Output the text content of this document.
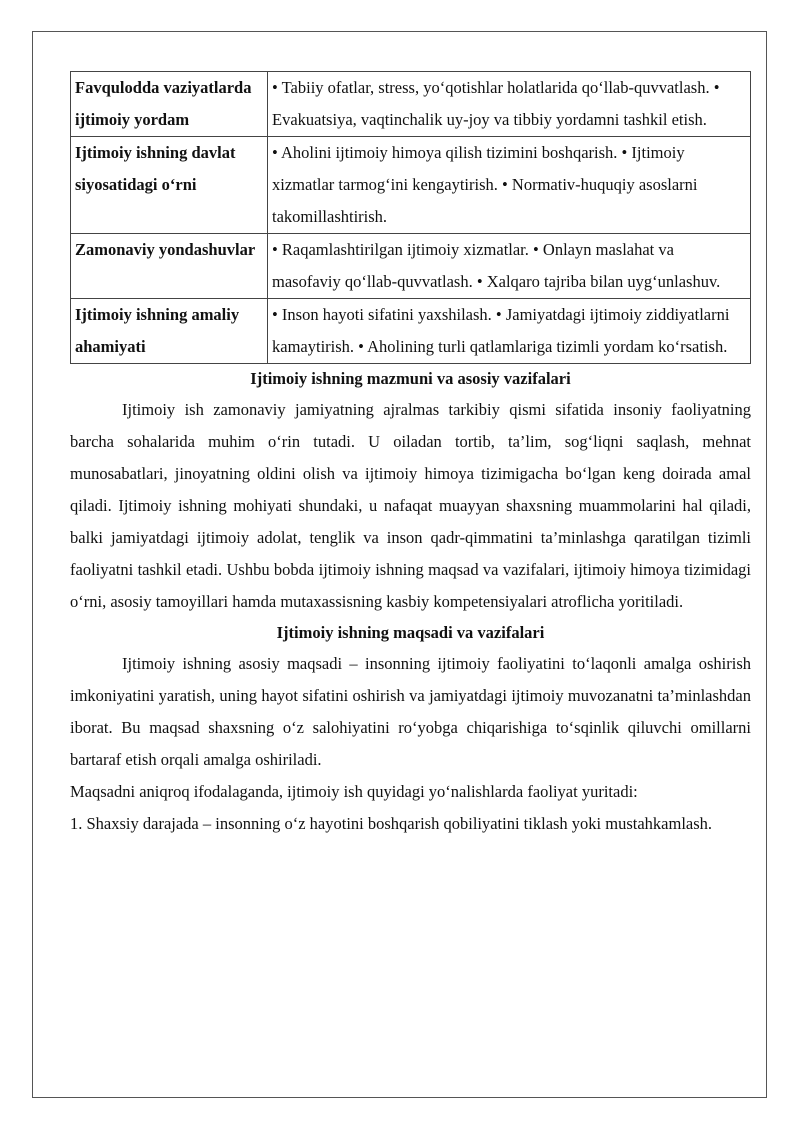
Favqulodda vaziyatlarda ijtimoiy yordam	• Tabiiy ofatlar, stress, yo‘qotishlar holatlarida qo‘llab-quvvatlash. • Evakuatsiya, vaqtinchalik uy-joy va tibbiy yordamni tashkil etish.
Ijtimoiy ishning davlat siyosatidagi o‘rni	• Aholini ijtimoiy himoya qilish tizimini boshqarish. • Ijtimoiy xizmatlar tarmog‘ini kengaytirish. • Normativ-huquqiy asoslarni takomillashtirish.
Zamonaviy yondashuvlar	• Raqamlashtirilgan ijtimoiy xizmatlar. • Onlayn maslahat va masofaviy qo‘llab-quvvatlash. • Xalqaro tajriba bilan uyg‘unlashuv.
Ijtimoiy ishning amaliy ahamiyati	• Inson hayoti sifatini yaxshilash. • Jamiyatdagi ijtimoiy ziddiyatlarni kamaytirish. • Aholining turli qatlamlariga tizimli yordam ko‘rsatish.

Ijtimoiy ishning mazmuni va asosiy vazifalari

Ijtimoiy ish zamonaviy jamiyatning ajralmas tarkibiy qismi sifatida insoniy faoliyatning barcha sohalarida muhim o‘rin tutadi. U oiladan tortib, ta’lim, sog‘liqni saqlash, mehnat munosabatlari, jinoyatning oldini olish va ijtimoiy himoya tizimigacha bo‘lgan keng doirada amal qiladi. Ijtimoiy ishning mohiyati shundaki, u nafaqat muayyan shaxsning muammolarini hal qiladi, balki jamiyatdagi ijtimoiy adolat, tenglik va inson qadr-qimmatini ta’minlashga qaratilgan tizimli faoliyatni tashkil etadi. Ushbu bobda ijtimoiy ishning maqsad va vazifalari, ijtimoiy himoya tizimidagi o‘rni, asosiy tamoyillari hamda mutaxassisning kasbiy kompetensiyalari atroflicha yoritiladi.

Ijtimoiy ishning maqsadi va vazifalari

Ijtimoiy ishning asosiy maqsadi – insonning ijtimoiy faoliyatini to‘laqonli amalga oshirish imkoniyatini yaratish, uning hayot sifatini oshirish va jamiyatdagi ijtimoiy muvozanatni ta’minlashdan iborat. Bu maqsad shaxsning o‘z salohiyatini ro‘yobga chiqarishiga to‘sqinlik qiluvchi omillarni bartaraf etish orqali amalga oshiriladi.

Maqsadni aniqroq ifodalaganda, ijtimoiy ish quyidagi yo‘nalishlarda faoliyat yuritadi:

1. Shaxsiy darajada – insonning o‘z hayotini boshqarish qobiliyatini tiklash yoki mustahkamlash.
